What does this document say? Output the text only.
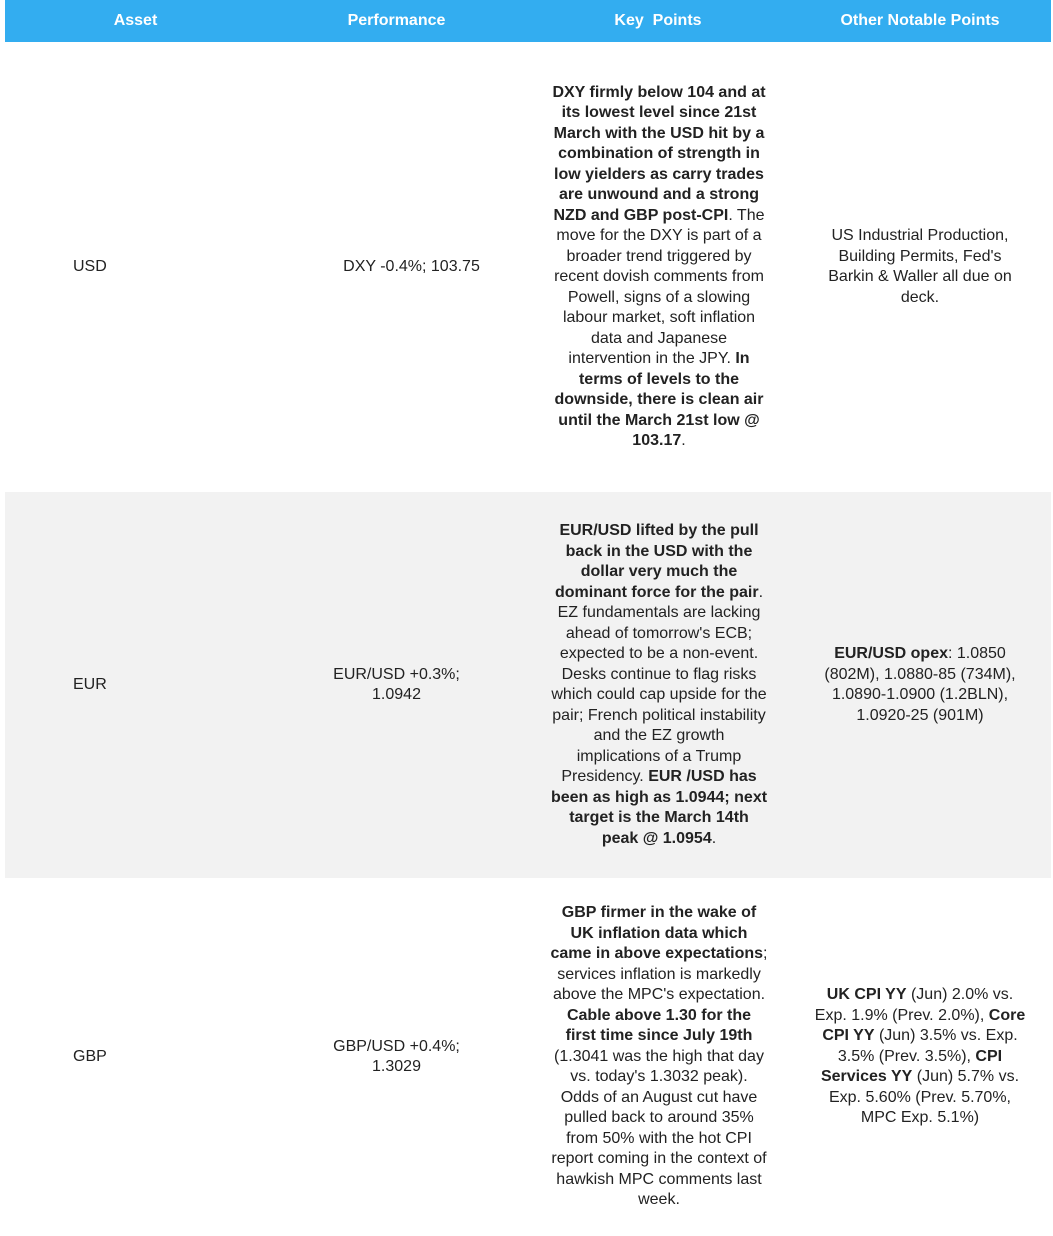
Asset	Performance	Key  Points	Other Notable Points
USD	DXY -0.4%; 103.75	DXY firmly below 104 and at its lowest level since 21st March with the USD hit by a combination of strength in low yielders as carry trades are unwound and a strong NZD and GBP post-CPI. The move for the DXY is part of a broader trend triggered by recent dovish comments from Powell, signs of a slowing labour market, soft inflation data and Japanese intervention in the JPY. In terms of levels to the downside, there is clean air until the March 21st low @ 103.17.	US Industrial Production, Building Permits, Fed's Barkin & Waller all due on deck.

EUR	EUR/USD +0.3%; 1.0942	EUR/USD lifted by the pull back in the USD with the dollar very much the dominant force for the pair. EZ fundamentals are lacking ahead of tomorrow's ECB; expected to be a non-event. Desks continue to flag risks which could cap upside for the pair; French political instability and the EZ growth implications of a Trump Presidency. EUR /USD has been as high as 1.0944; next target is the March 14th peak @ 1.0954.	EUR/USD opex: 1.0850 (802M), 1.0880-85 (734M), 1.0890-1.0900 (1.2BLN), 1.0920-25 (901M)

GBP	GBP/USD +0.4%; 1.3029	GBP firmer in the wake of UK inflation data which came in above expectations; services inflation is markedly above the MPC's expectation. Cable above 1.30 for the first time since July 19th (1.3041 was the high that day vs. today's 1.3032 peak). Odds of an August cut have pulled back to around 35% from 50% with the hot CPI report coming in the context of hawkish MPC comments last week.	UK CPI YY (Jun) 2.0% vs. Exp. 1.9% (Prev. 2.0%), Core CPI YY (Jun) 3.5% vs. Exp. 3.5% (Prev. 3.5%), CPI Services YY (Jun) 5.7% vs. Exp. 5.60% (Prev. 5.70%, MPC Exp. 5.1%)
